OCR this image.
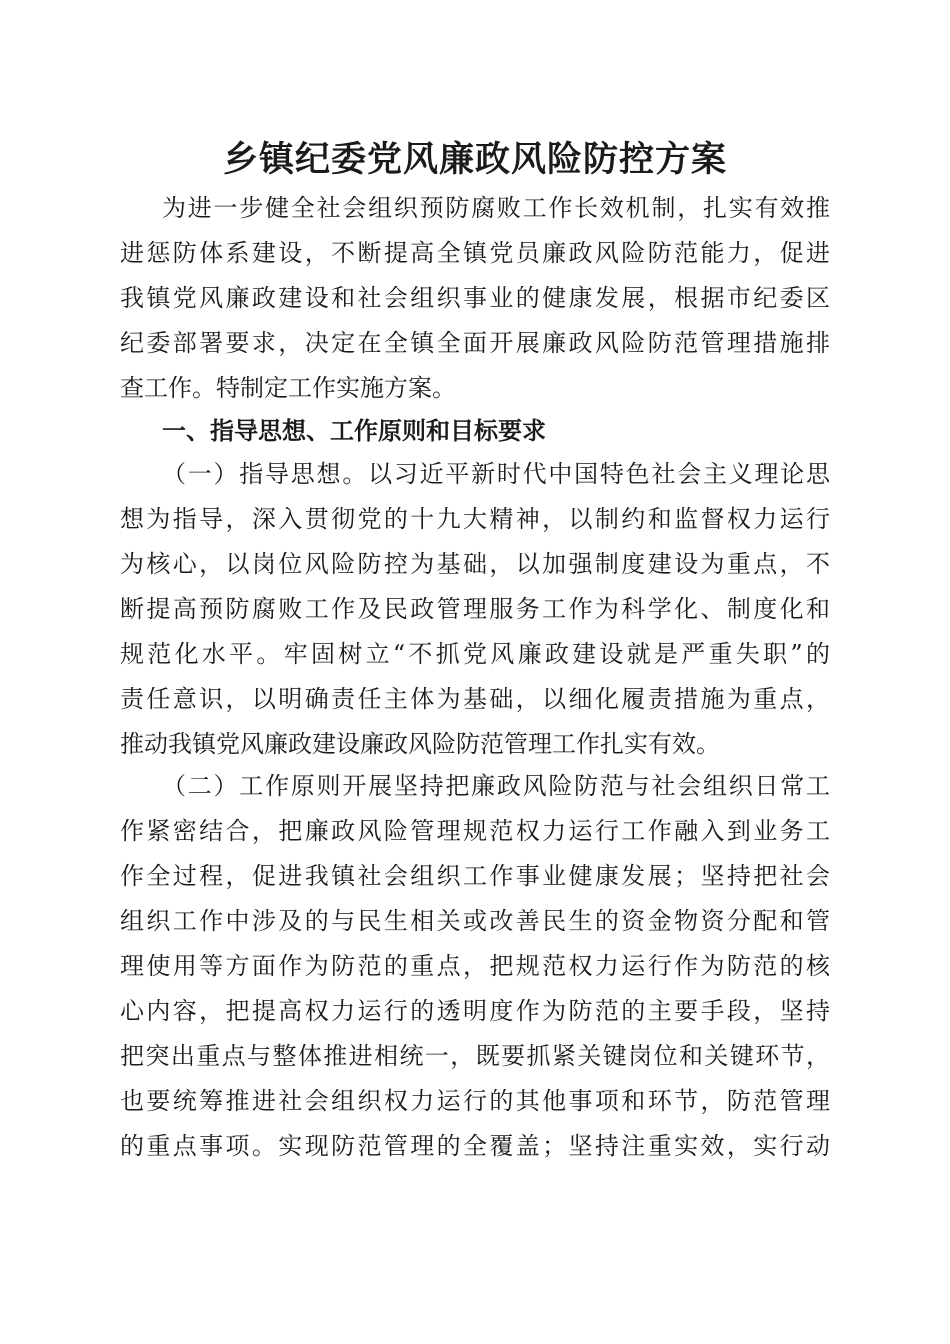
乡镇纪委党风廉政风险防控方案
为进一步健全社会组织预防腐败工作长效机制，扎实有效推
进惩防体系建设，不断提高全镇党员廉政风险防范能力，促进
我镇党风廉政建设和社会组织事业的健康发展，根据市纪委区
纪委部署要求，决定在全镇全面开展廉政风险防范管理措施排
查工作。特制定工作实施方案。
一、指导思想、工作原则和目标要求
（一）指导思想。以习近平新时代中国特色社会主义理论思
想为指导，深入贯彻党的十九大精神，以制约和监督权力运行
为核心，以岗位风险防控为基础，以加强制度建设为重点，不
断提高预防腐败工作及民政管理服务工作为科学化、制度化和
规范化水平。牢固树立“不抓党风廉政建设就是严重失职”的
责任意识，以明确责任主体为基础，以细化履责措施为重点，
推动我镇党风廉政建设廉政风险防范管理工作扎实有效。
（二）工作原则开展坚持把廉政风险防范与社会组织日常工
作紧密结合，把廉政风险管理规范权力运行工作融入到业务工
作全过程，促进我镇社会组织工作事业健康发展；坚持把社会
组织工作中涉及的与民生相关或改善民生的资金物资分配和管
理使用等方面作为防范的重点，把规范权力运行作为防范的核
心内容，把提高权力运行的透明度作为防范的主要手段，坚持
把突出重点与整体推进相统一，既要抓紧关键岗位和关键环节，
也要统筹推进社会组织权力运行的其他事项和环节，防范管理
的重点事项。实现防范管理的全覆盖；坚持注重实效，实行动
